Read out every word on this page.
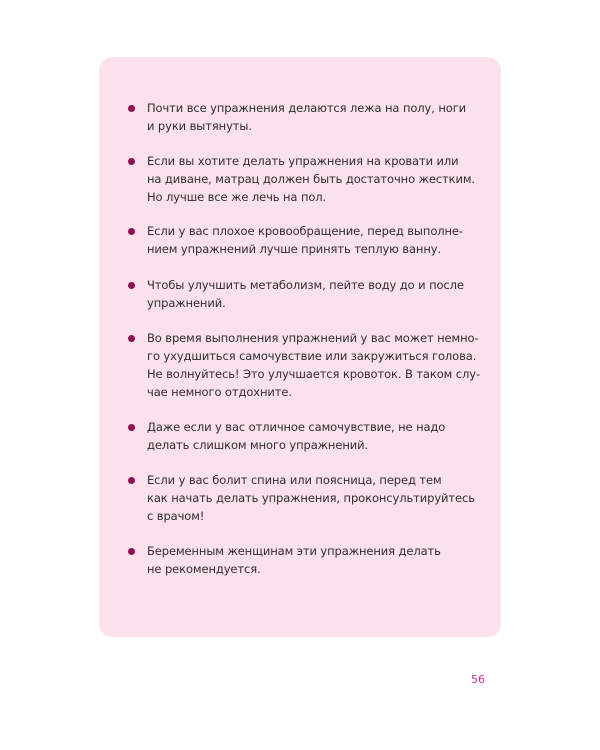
Почти все упражнения делаются лежа на полу, ноги
и руки вытянуты.
Если вы хотите делать упражнения на кровати или
на диване, матрац должен быть достаточно жестким.
Но лучше все же лечь на пол.
Если у вас плохое кровообращение, перед выполне-
нием упражнений лучше принять теплую ванну.
Чтобы улучшить метаболизм, пейте воду до и после
упражнений.
Во время выполнения упражнений у вас может немно-
го ухудшиться самочувствие или закружиться голова.
Не волнуйтесь! Это улучшается кровоток. В таком слу-
чае немного отдохните.
Даже если у вас отличное самочувствие, не надо
делать слишком много упражнений.
Если у вас болит спина или поясница, перед тем
как начать делать упражнения, проконсультируйтесь
с врачом!
Беременным женщинам эти упражнения делать
не рекомендуется.
56
